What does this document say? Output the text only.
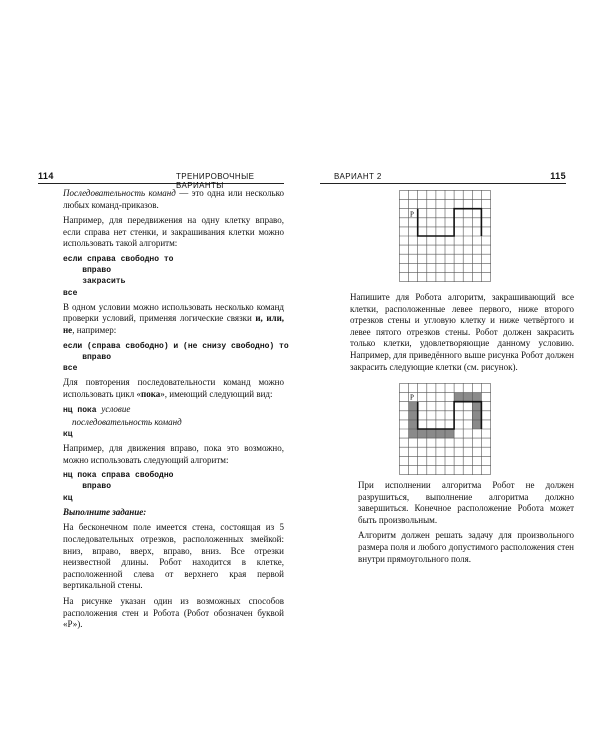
114	ТРЕНИРОВОЧНЫЕ ВАРИАНТЫ

Последовательность команд — это одна или несколько любых команд-приказов.

Например, для передвижения на одну клетку вправо, если справа нет стенки, и закрашивания клетки можно использовать такой алгоритм:

если справа свободно то
вправо
закрасить
все

В одном условии можно использовать несколько команд проверки условий, применяя логические связки и, или, не, например:

если (справа свободно) и (не снизу свободно) то
вправо
все

Для повторения последовательности команд можно использовать цикл «пока», имеющий следующий вид:

нц пока условие
последовательность команд
кц

Например, для движения вправо, пока это возможно, можно использовать следующий алгоритм:

нц пока справа свободно
вправо
кц
Выполните задание:

На бесконечном поле имеется стена, состоящая из 5 последовательных отрезков, расположенных змейкой: вниз, вправо, вверх, вправо, вниз. Все отрезки неизвестной длины. Робот находится в клетке, расположенной слева от верхнего края первой вертикальной стены.

На рисунке указан один из возможных способов расположения стен и Робота (Робот обозначен буквой «Р»).

ВАРИАНТ 2	115
Р

Напишите для Робота алгоритм, закрашивающий все клетки, расположенные левее первого, ниже второго отрезков стены и угловую клетку и ниже четвёртого и левее пятого отрезков стены. Робот должен закрасить только клетки, удовлетворяющие данному условию. Например, для приведённого выше рисунка Робот должен закрасить следующие клетки (см. рисунок).

Р

При исполнении алгоритма Робот не должен разрушиться, выполнение алгоритма должно завершиться. Конечное расположение Робота может быть произвольным.

Алгоритм должен решать задачу для произвольного размера поля и любого допустимого расположения стен внутри прямоугольного поля.
